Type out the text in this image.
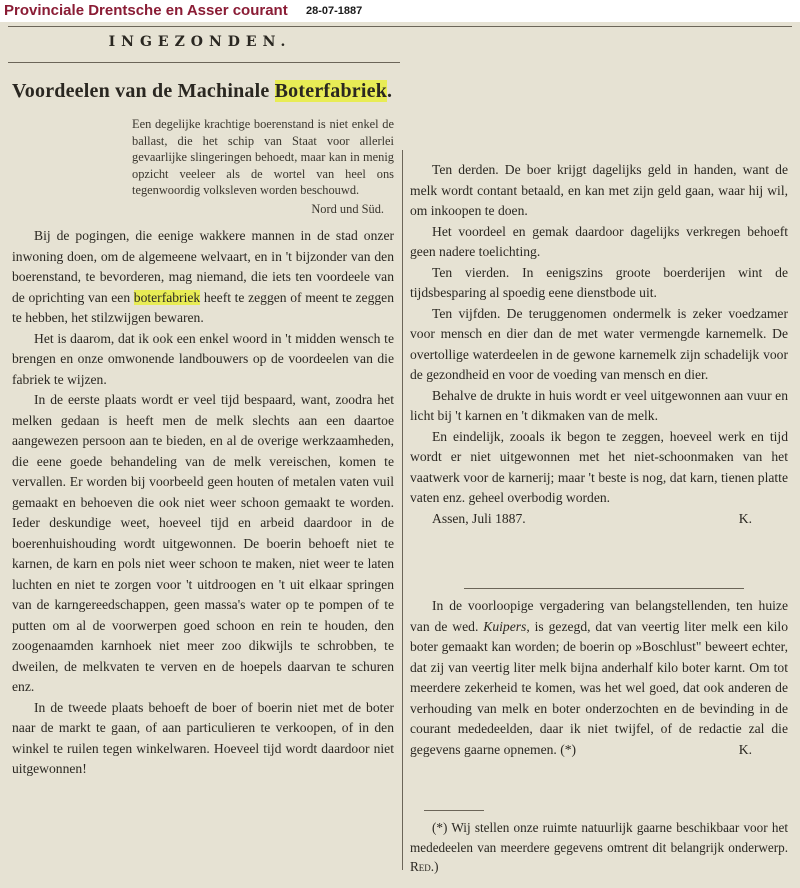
Provinciale Drentsche en Asser courant 28-07-1887
INGEZONDEN.
Voordeelen van de Machinale Boterfabriek.

Een degelijke krachtige boerenstand is niet enkel de ballast, die het schip van Staat voor allerlei gevaarlijke slingeringen behoedt, maar kan in menig opzicht veeleer als de wortel van heel ons tegenwoordig volksleven worden beschouwd.

Nord und Süd.

Bij de pogingen, die eenige wakkere mannen in de stad onzer inwoning doen, om de algemeene welvaart, en in 't bijzonder van den boerenstand, te bevorderen, mag niemand, die iets ten voordeele van de oprichting van een boterfabriek heeft te zeggen of meent te zeggen te hebben, het stilzwijgen bewaren.

Het is daarom, dat ik ook een enkel woord in 't midden wensch te brengen en onze omwonende landbouwers op de voordeelen van die fabriek te wijzen.

In de eerste plaats wordt er veel tijd bespaard, want, zoodra het melken gedaan is heeft men de melk slechts aan een daartoe aangewezen persoon aan te bieden, en al de overige werkzaamheden, die eene goede behandeling van de melk vereischen, komen te vervallen. Er worden bij voorbeeld geen houten of metalen vaten vuil gemaakt en behoeven die ook niet weer schoon gemaakt te worden. Ieder deskundige weet, hoeveel tijd en arbeid daardoor in de boerenhuishouding wordt uitgewonnen. De boerin behoeft niet te karnen, de karn en pols niet weer schoon te maken, niet weer te laten luchten en niet te zorgen voor 't uitdroogen en 't uit elkaar springen van de karngereedschappen, geen massa's water op te pompen of te putten om al de voorwerpen goed schoon en rein te houden, den zoogenaamden karnhoek niet meer zoo dikwijls te schrobben, te dweilen, de melkvaten te verven en de hoepels daarvan te schuren enz.

In de tweede plaats behoeft de boer of boerin niet met de boter naar de markt te gaan, of aan particulieren te verkoopen, of in den winkel te ruilen tegen winkelwaren. Hoeveel tijd wordt daardoor niet uitgewonnen!

Ten derden. De boer krijgt dagelijks geld in handen, want de melk wordt contant betaald, en kan met zijn geld gaan, waar hij wil, om inkoopen te doen.

Het voordeel en gemak daardoor dagelijks verkregen behoeft geen nadere toelichting.

Ten vierden. In eenigszins groote boerderijen wint de tijdsbesparing al spoedig eene dienstbode uit.

Ten vijfden. De teruggenomen ondermelk is zeker voedzamer voor mensch en dier dan de met water vermengde karnemelk. De overtollige waterdeelen in de gewone karnemelk zijn schadelijk voor de gezondheid en voor de voeding van mensch en dier.

Behalve de drukte in huis wordt er veel uitgewonnen aan vuur en licht bij 't karnen en 't dikmaken van de melk.

En eindelijk, zooals ik begon te zeggen, hoeveel werk en tijd wordt er niet uitgewonnen met het niet-schoonmaken van het vaatwerk voor de karnerij; maar 't beste is nog, dat karn, tienen platte vaten enz. geheel overbodig worden.

Assen, Juli 1887.	K.

In de voorloopige vergadering van belangstellenden, ten huize van de wed. Kuipers, is gezegd, dat van veertig liter melk een kilo boter gemaakt kan worden; de boerin op »Boschlust" beweert echter, dat zij van veertig liter melk bijna anderhalf kilo boter karnt. Om tot meerdere zekerheid te komen, was het wel goed, dat ook anderen de verhouding van melk en boter onderzochten en de bevinding in de courant mededeelden, daar ik niet twijfel, of de redactie zal die gegevens gaarne opnemen. (*)	K.

(*) Wij stellen onze ruimte natuurlijk gaarne beschikbaar voor het mededeelen van meerdere gegevens omtrent dit belangrijk onderwerp. Red.)
